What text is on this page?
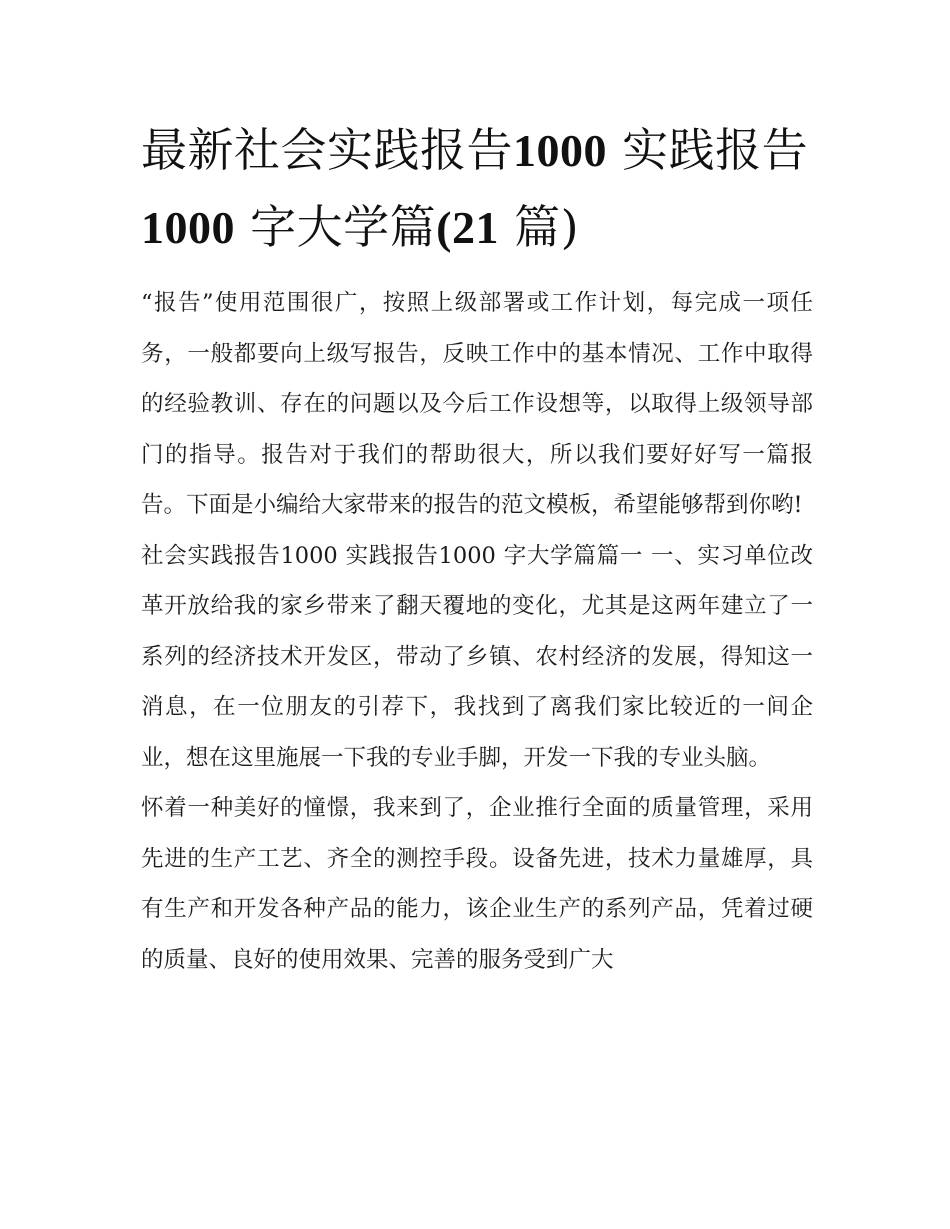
最新社会实践报告1000 实践报告1000 字大学篇(21 篇)

“报告”使用范围很广，按照上级部署或工作计划，每完成一项任务，一般都要向上级写报告，反映工作中的基本情况、工作中取得的经验教训、存在的问题以及今后工作设想等，以取得上级领导部门的指导。报告对于我们的帮助很大，所以我们要好好写一篇报告。下面是小编给大家带来的报告的范文模板，希望能够帮到你哟!

社会实践报告1000 实践报告1000 字大学篇篇一 一、实习单位改革开放给我的家乡带来了翻天覆地的变化，尤其是这两年建立了一系列的经济技术开发区，带动了乡镇、农村经济的发展，得知这一消息，在一位朋友的引荐下，我找到了离我们家比较近的一间企业，想在这里施展一下我的专业手脚，开发一下我的专业头脑。

怀着一种美好的憧憬，我来到了，企业推行全面的质量管理，采用先进的生产工艺、齐全的测控手段。设备先进，技术力量雄厚，具有生产和开发各种产品的能力，该企业生产的系列产品，凭着过硬的质量、良好的使用效果、完善的服务受到广大
